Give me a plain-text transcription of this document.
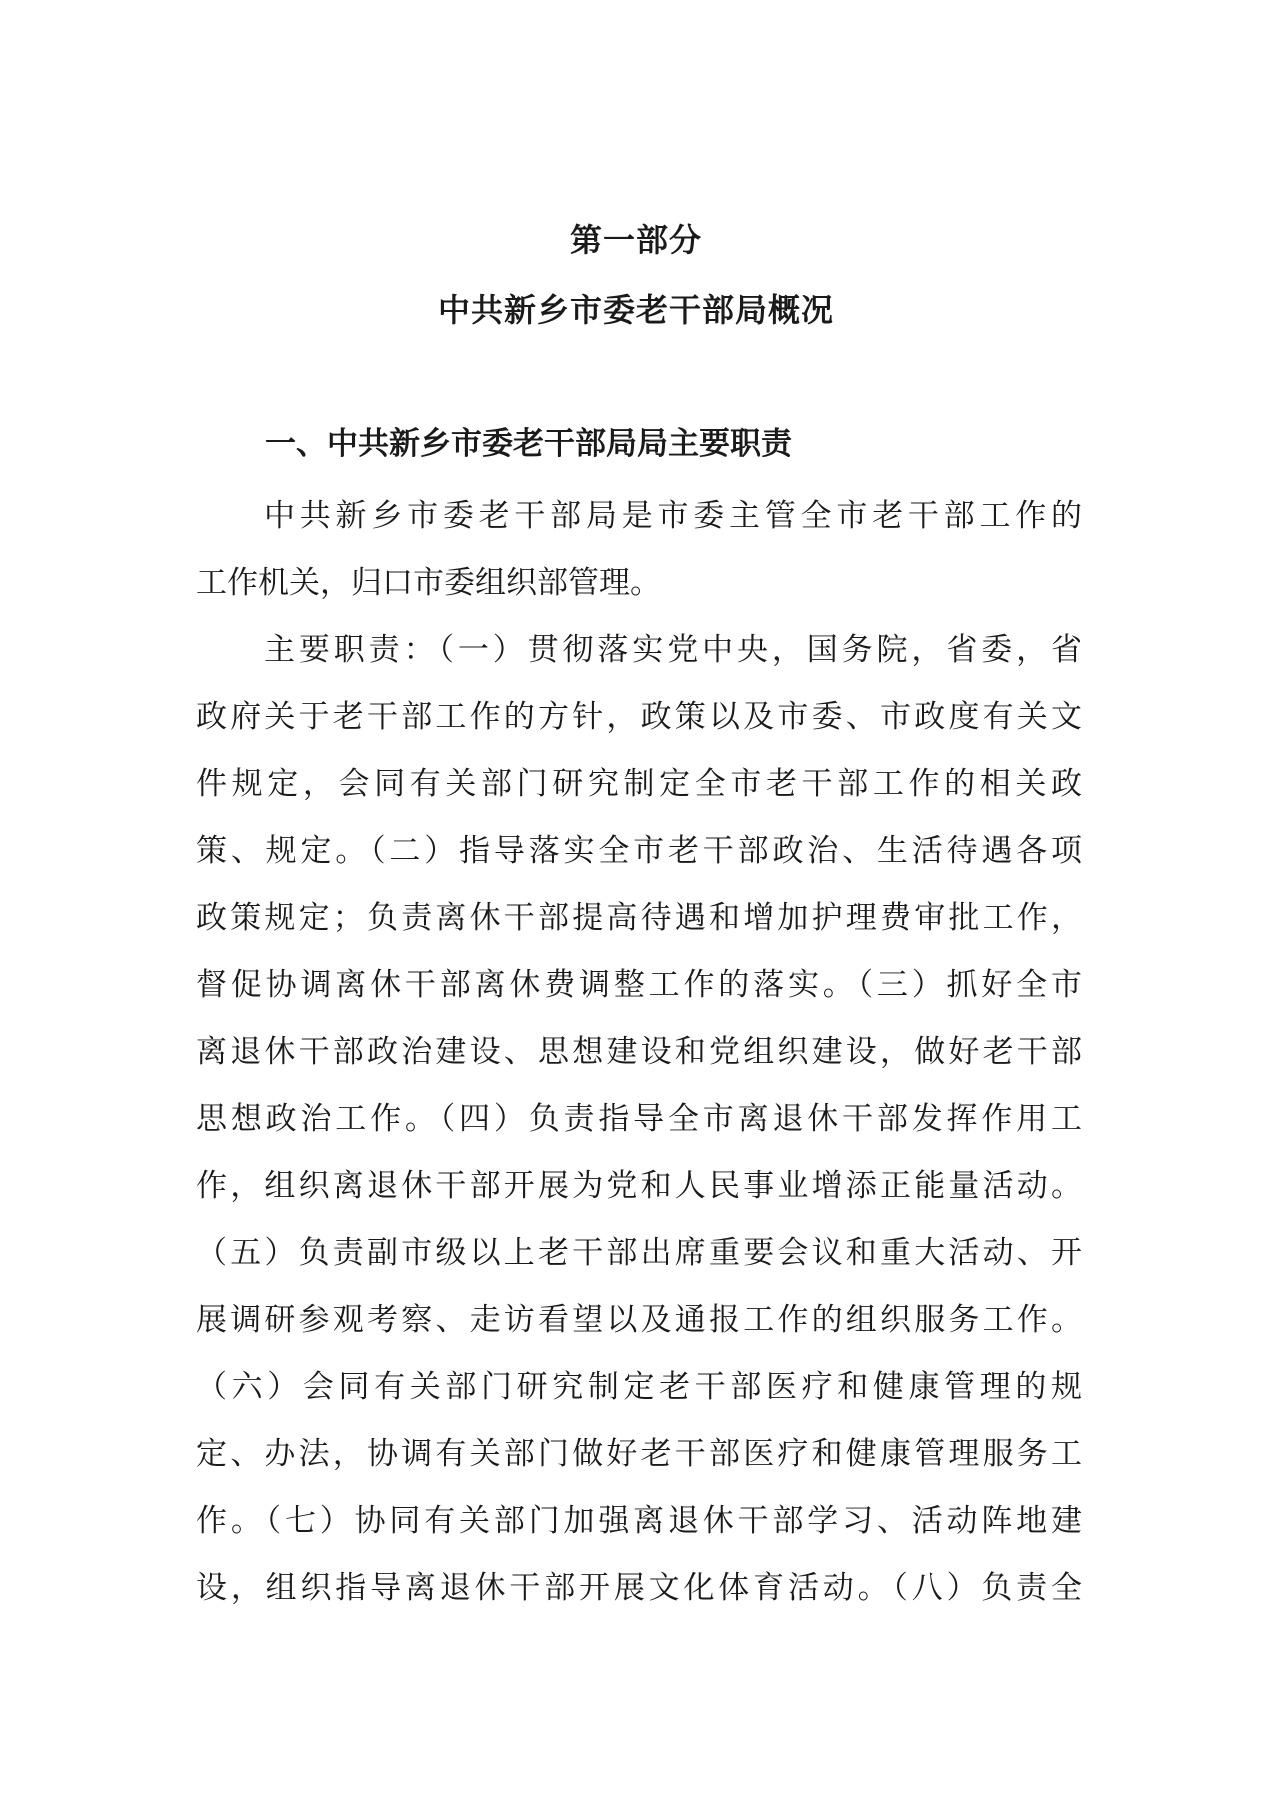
第一部分
中共新乡市委老干部局概况
一、中共新乡市委老干部局局主要职责
中共新乡市委老干部局是市委主管全市老干部工作的
工作机关，归口市委组织部管理。
主要职责：（一）贯彻落实党中央，国务院，省委，省
政府关于老干部工作的方针，政策以及市委、市政度有关文
件规定，会同有关部门研究制定全市老干部工作的相关政
策、规定。（二）指导落实全市老干部政治、生活待遇各项
政策规定；负责离休干部提高待遇和增加护理费审批工作，
督促协调离休干部离休费调整工作的落实。（三）抓好全市
离退休干部政治建设、思想建设和党组织建设，做好老干部
思想政治工作。（四）负责指导全市离退休干部发挥作用工
作，组织离退休干部开展为党和人民事业增添正能量活动。
（五）负责副市级以上老干部出席重要会议和重大活动、开
展调研参观考察、走访看望以及通报工作的组织服务工作。
（六）会同有关部门研究制定老干部医疗和健康管理的规
定、办法，协调有关部门做好老干部医疗和健康管理服务工
作。（七）协同有关部门加强离退休干部学习、活动阵地建
设，组织指导离退休干部开展文化体育活动。（八）负责全
